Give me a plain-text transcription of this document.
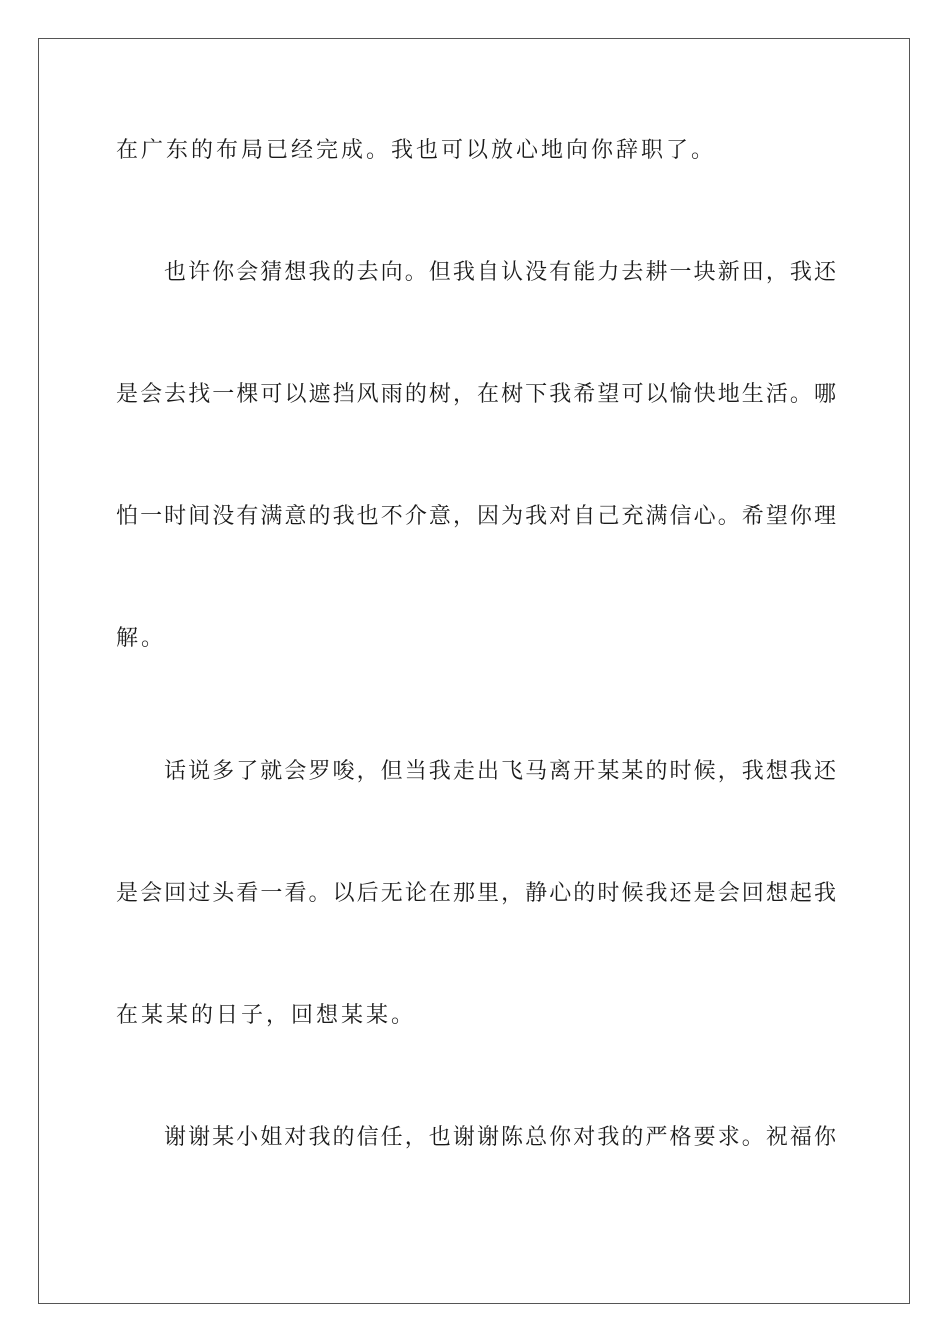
在广东的布局已经完成。我也可以放心地向你辞职了。
也许你会猜想我的去向。但我自认没有能力去耕一块新田，我还
是会去找一棵可以遮挡风雨的树，在树下我希望可以愉快地生活。哪
怕一时间没有满意的我也不介意，因为我对自己充满信心。希望你理
解。
话说多了就会罗唆，但当我走出飞马离开某某的时候，我想我还
是会回过头看一看。以后无论在那里，静心的时候我还是会回想起我
在某某的日子，回想某某。
谢谢某小姐对我的信任，也谢谢陈总你对我的严格要求。祝福你
